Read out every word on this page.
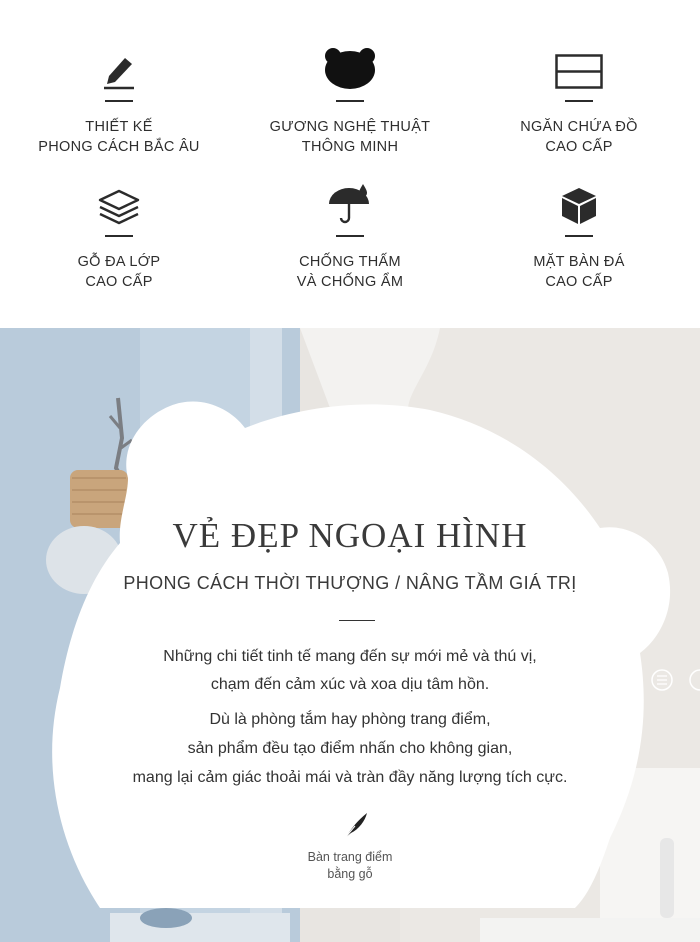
THIẾT KẾ
PHONG CÁCH BẮC ÂU
GƯƠNG NGHỆ THUẬT
THÔNG MINH
NGĂN CHỨA ĐỒ
CAO CẤP
GỖ ĐA LỚP
CAO CẤP
CHỐNG THẤM
VÀ CHỐNG ẨM
MẶT BÀN ĐÁ
CAO CẤP
VẺ ĐẸP NGOẠI HÌNH
PHONG CÁCH THỜI THƯỢNG / NÂNG TẦM GIÁ TRỊ
Những chi tiết tinh tế mang đến sự mới mẻ và thú vị,
chạm đến cảm xúc và xoa dịu tâm hồn.
Dù là phòng tắm hay phòng trang điểm,
sản phẩm đều tạo điểm nhấn cho không gian,
mang lại cảm giác thoải mái và tràn đầy năng lượng tích cực.
Bàn trang điểm
bằng gỗ
